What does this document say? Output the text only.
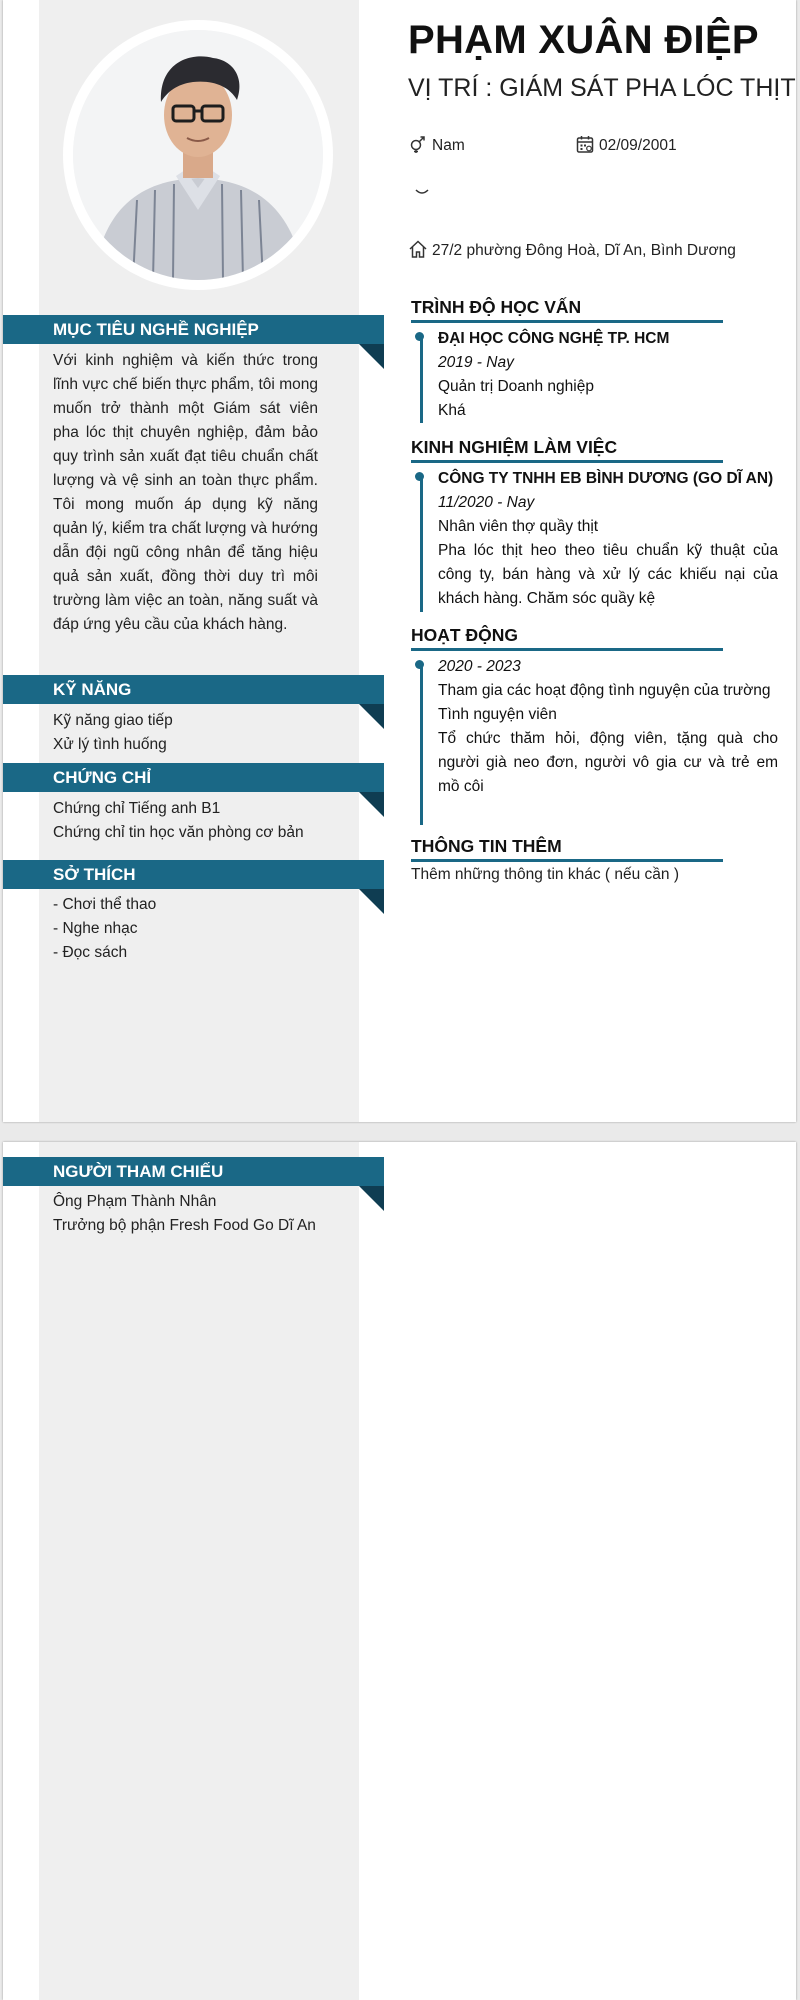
MỤC TIÊU NGHỀ NGHIỆP
Với kinh nghiệm và kiến thức trong lĩnh vực chế biến thực phẩm, tôi mong muốn trở thành một Giám sát viên pha lóc thịt chuyên nghiệp, đảm bảo quy trình sản xuất đạt tiêu chuẩn chất lượng và vệ sinh an toàn thực phẩm. Tôi mong muốn áp dụng kỹ năng quản lý, kiểm tra chất lượng và hướng dẫn đội ngũ công nhân để tăng hiệu quả sản xuất, đồng thời duy trì môi trường làm việc an toàn, năng suất và đáp ứng yêu cầu của khách hàng.
KỸ NĂNG
Kỹ năng giao tiếp
Xử lý tình huống
CHỨNG CHỈ
Chứng chỉ Tiếng anh B1
Chứng chỉ tin học văn phòng cơ bản
SỞ THÍCH
- Chơi thể thao
- Nghe nhạc
- Đọc sách
PHẠM XUÂN ĐIỆP
VỊ TRÍ : GIÁM SÁT PHA LÓC THỊT
Nam	02/09/2001
27/2 phường Đông Hoà, Dĩ An, Bình Dương
TRÌNH ĐỘ HỌC VẤN
ĐẠI HỌC CÔNG NGHỆ TP. HCM
2019 - Nay
Quản trị Doanh nghiệp
Khá
KINH NGHIỆM LÀM VIỆC
CÔNG TY TNHH EB BÌNH DƯƠNG (GO DĨ AN)
11/2020 - Nay
Nhân viên thợ quầy thịt
Pha lóc thịt heo theo tiêu chuẩn kỹ thuật của công ty, bán hàng và xử lý các khiếu nại của khách hàng. Chăm sóc quầy kệ
HOẠT ĐỘNG
2020 - 2023
Tham gia các hoạt động tình nguyện của trường
Tình nguyện viên
Tổ chức thăm hỏi, động viên, tặng quà cho người già neo đơn, người vô gia cư và trẻ em mồ côi
THÔNG TIN THÊM
Thêm những thông tin khác ( nếu cần )
NGƯỜI THAM CHIẾU
Ông Phạm Thành Nhân
Trưởng bộ phận Fresh Food Go Dĩ An
